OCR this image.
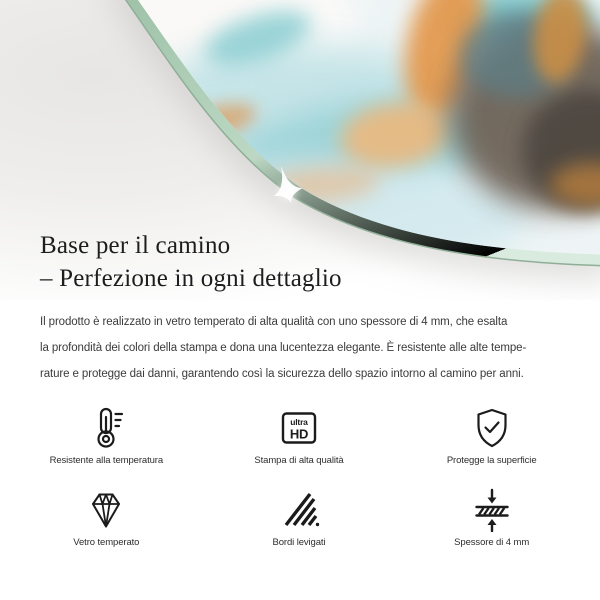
Base per il camino
– Perfezione in ogni dettaglio
Il prodotto è realizzato in vetro temperato di alta qualità con uno spessore di 4 mm, che esalta
la profondità dei colori della stampa e dona una lucentezza elegante. È resistente alle alte tempe-
rature e protegge dai danni, garantendo così la sicurezza dello spazio intorno al camino per anni.
Resistente alla temperatura
ultra
HD
Stampa di alta qualità	Protegge la superficie
Vetro temperato	Bordi levigati	Spessore di 4 mm
